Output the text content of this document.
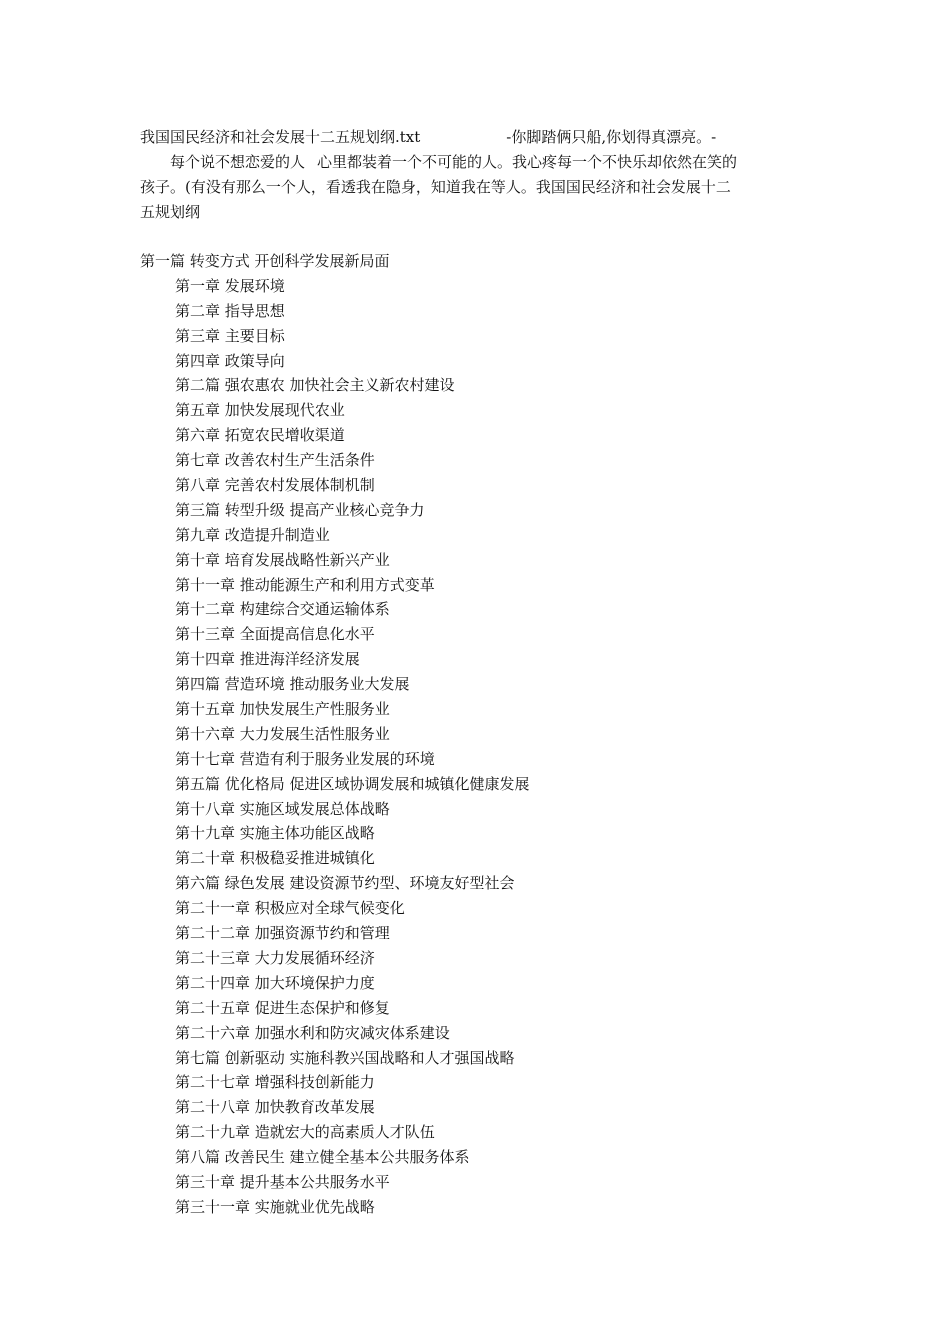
我国国民经济和社会发展十二五规划纲.txt	-你脚踏俩只船,你划得真漂亮。-
每个说不想恋爱的人 心里都装着一个不可能的人。我心疼每一个不快乐却依然在笑的
孩子。(有没有那么一个人，看透我在隐身，知道我在等人。我国国民经济和社会发展十二
五规划纲
第一篇 转变方式 开创科学发展新局面
第一章 发展环境
第二章 指导思想
第三章 主要目标
第四章 政策导向
第二篇 强农惠农 加快社会主义新农村建设
第五章 加快发展现代农业
第六章 拓宽农民增收渠道
第七章 改善农村生产生活条件
第八章 完善农村发展体制机制
第三篇 转型升级 提高产业核心竞争力
第九章 改造提升制造业
第十章 培育发展战略性新兴产业
第十一章 推动能源生产和利用方式变革
第十二章 构建综合交通运输体系
第十三章 全面提高信息化水平
第十四章 推进海洋经济发展
第四篇 营造环境 推动服务业大发展
第十五章 加快发展生产性服务业
第十六章 大力发展生活性服务业
第十七章 营造有利于服务业发展的环境
第五篇 优化格局 促进区域协调发展和城镇化健康发展
第十八章 实施区域发展总体战略
第十九章 实施主体功能区战略
第二十章 积极稳妥推进城镇化
第六篇 绿色发展 建设资源节约型、环境友好型社会
第二十一章 积极应对全球气候变化
第二十二章 加强资源节约和管理
第二十三章 大力发展循环经济
第二十四章 加大环境保护力度
第二十五章 促进生态保护和修复
第二十六章 加强水利和防灾减灾体系建设
第七篇 创新驱动 实施科教兴国战略和人才强国战略
第二十七章 增强科技创新能力
第二十八章 加快教育改革发展
第二十九章 造就宏大的高素质人才队伍
第八篇 改善民生 建立健全基本公共服务体系
第三十章 提升基本公共服务水平
第三十一章 实施就业优先战略
